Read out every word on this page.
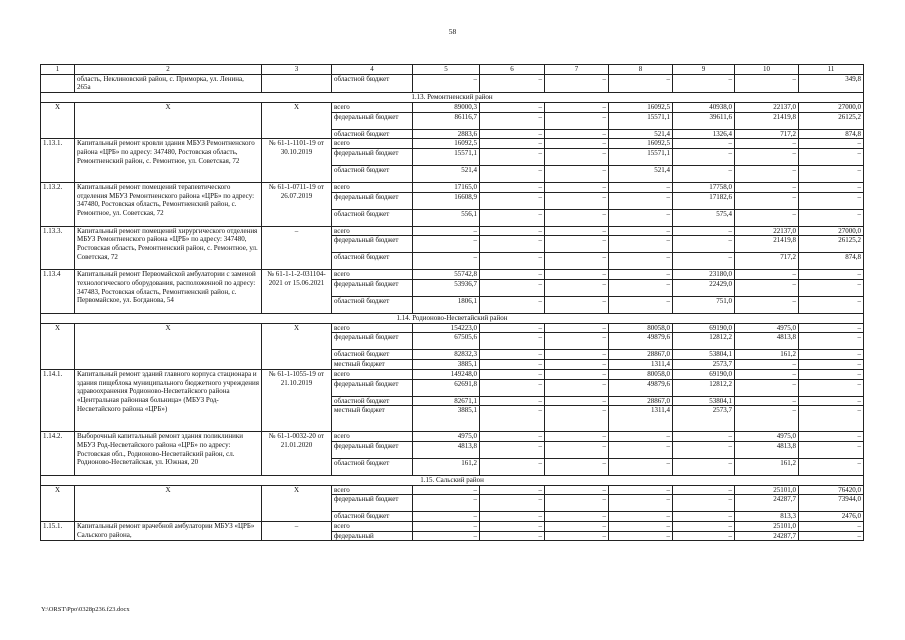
58
1	2	3	4	5	6	7	8	9	10	11
	область, Неклиновский район, с. Приморка, ул. Ленина, 265а		областной бюджет	–	–	–	–	–	–	349,8
1.13. Ремонтненский район										
Х	Х	Х	всего	89000,3	–	–	16092,5	40938,0	22137,0	27000,0
			федеральный бюджет	86116,7	–	–	15571,1	39611,6	21419,8	26125,2
			областной бюджет	2883,6	–	–	521,4	1326,4	717,2	874,8
1.13.1.	Капитальный ремонт кровли здания МБУЗ Ремонтненского района «ЦРБ» по адресу: 347480, Ростовская область, Ремонтненский район, с. Ремонтное, ул. Советская, 72	№ 61-1-1101-19 от 30.10.2019	всего	16092,5	–	–	16092,5	–	–	–
			федеральный бюджет	15571,1	–	–	15571,1	–	–	–
			областной бюджет	521,4	–	–	521,4	–	–	–
1.13.2.	Капитальный ремонт помещений терапевтического отделения МБУЗ Ремонтненского района «ЦРБ» по адресу: 347480, Ростовская область, Ремонтненский район, с. Ремонтное, ул. Советская, 72	№ 61-1-0711-19 от 26.07.2019	всего	17165,0	–	–	–	17758,0	–	–
			федеральный бюджет	16608,9	–	–	–	17182,6	–	–
			областной бюджет	556,1	–	–	–	575,4	–	–
1.13.3.	Капитальный ремонт помещений хирургического отделения МБУЗ Ремонтненского района «ЦРБ» по адресу: 347480, Ростовская область, Ремонтненский район, с. Ремонтное, ул. Советская, 72	–	всего	–	–	–	–	–	22137,0	27000,0
			федеральный бюджет	–	–	–	–	–	21419,8	26125,2
			областной бюджет	–	–	–	–	–	717,2	874,8
1.13.4	Капитальный ремонт Первомайской амбулатории с заменой технологического оборудования, расположенной по адресу: 347483, Ростовская область, Ремонтненский район, с. Первомайское, ул. Богданова, 54	№ 61-1-1-2-031104-2021 от 15.06.2021	всего	55742,8	–	–	–	23180,0	–	–
			федеральный бюджет	53936,7	–	–	–	22429,0	–	–
			областной бюджет	1806,1	–	–	–	751,0	–	–
1.14. Родионово-Несветайский район										
Х	Х	Х	всего	154223,0	–	–	80058,0	69190,0	4975,0	–
			федеральный бюджет	67505,6	–	–	49879,6	12812,2	4813,8	–
			областной бюджет	82832,3	–	–	28867,0	53804,1	161,2	–
			местный бюджет	3885,1	–	–	1311,4	2573,7	–	–
1.14.1.	Капитальный ремонт зданий главного корпуса стационара и здания пищеблока муниципального бюджетного учреждения здравоохранения Родионово-Несветайского района «Центральная районная больница» (МБУЗ Род-Несветайского района «ЦРБ»)	№ 61-1-1055-19 от 21.10.2019	всего	149248,0	–	–	80058,0	69190,0	–	–
			федеральный бюджет	62691,8	–	–	49879,6	12812,2	–	–
			областной бюджет	82671,1	–	–	28867,0	53804,1	–	–
			местный бюджет	3885,1	–	–	1311,4	2573,7	–	–
1.14.2.	Выборочный капитальный ремонт здания поликлиники МБУЗ Род-Несветайского района «ЦРБ» по адресу: Ростовская обл., Родионово-Несветайский район, сл. Родионово-Несветайская, ул. Южная, 20	№ 61-1-0032-20 от 21.01.2020	всего	4975,0	–	–	–	–	4975,0	–
			федеральный бюджет	4813,8	–	–	–	–	4813,8	–
			областной бюджет	161,2	–	–	–	–	161,2	–
1.15. Сальский район										
Х	Х	Х	всего	–	–	–	–	–	25101,0	76420,0
			федеральный бюджет	–	–	–	–	–	24287,7	73944,0
			областной бюджет	–	–	–	–	–	813,3	2476,0
1.15.1.	Капитальный ремонт врачебной амбулатории МБУЗ «ЦРБ» Сальского района,	–	всего	–	–	–	–	–	25101,0	–
			федеральный	–	–	–	–	–	24287,7	–
Y:\ORST\Ppo\0328p236.f23.docx
